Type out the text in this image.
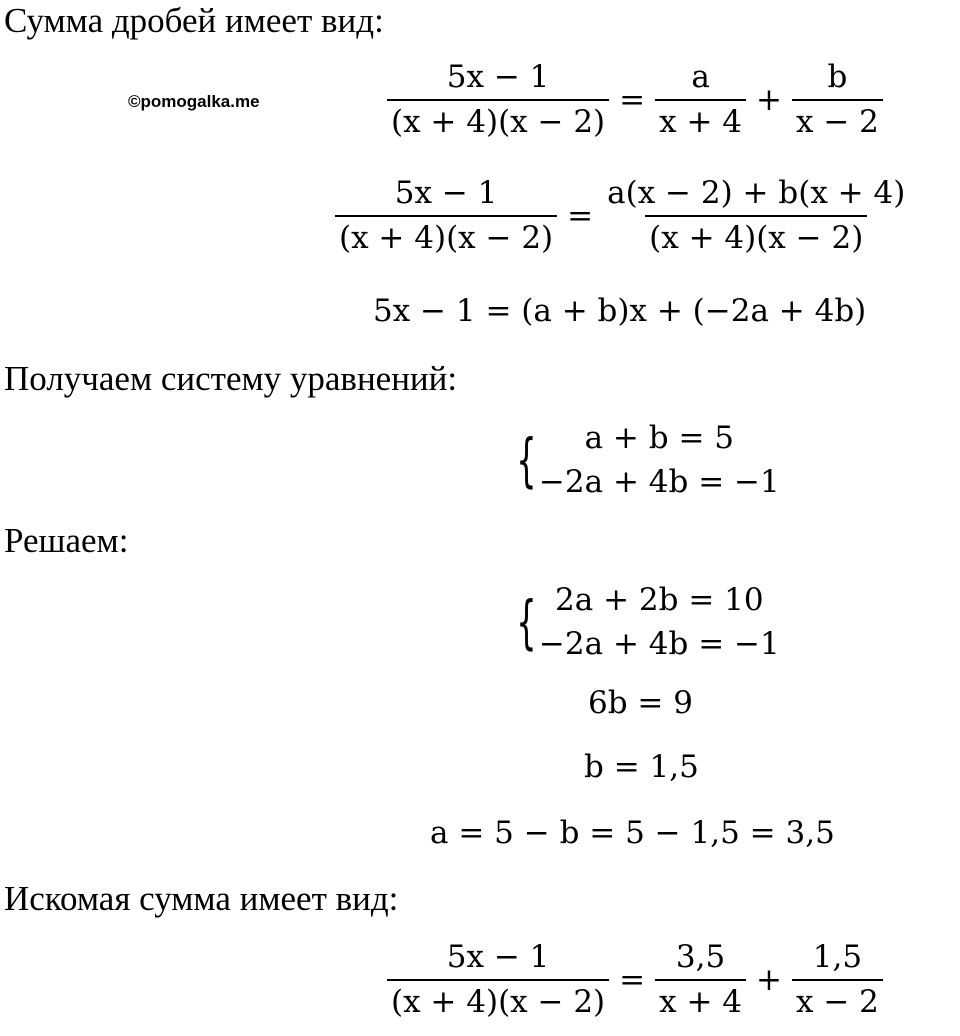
Сумма дробей имеет вид:
©pomogalka.me	$\frac{5x - 1}{(x + 4)(x - 2)} = \frac{a}{x + 4} + \frac{b}{x - 2}$
$\frac{5x - 1}{(x + 4)(x - 2)} = \frac{a(x - 2) + b(x + 4)}{(x + 4)(x - 2)}$
5x − 1 = (a + b)x + (−2a + 4b)
Получаем систему уравнений:
{ a + b = 5
−2a + 4b = −1
Решаем:
{ 2a + 2b = 10
−2a + 4b = −1
6b = 9
b = 1,5
a = 5 − b = 5 − 1,5 = 3,5
Искомая сумма имеет вид:
$\frac{5x - 1}{(x + 4)(x - 2)} = \frac{3,5}{x + 4} + \frac{1,5}{x - 2}$
